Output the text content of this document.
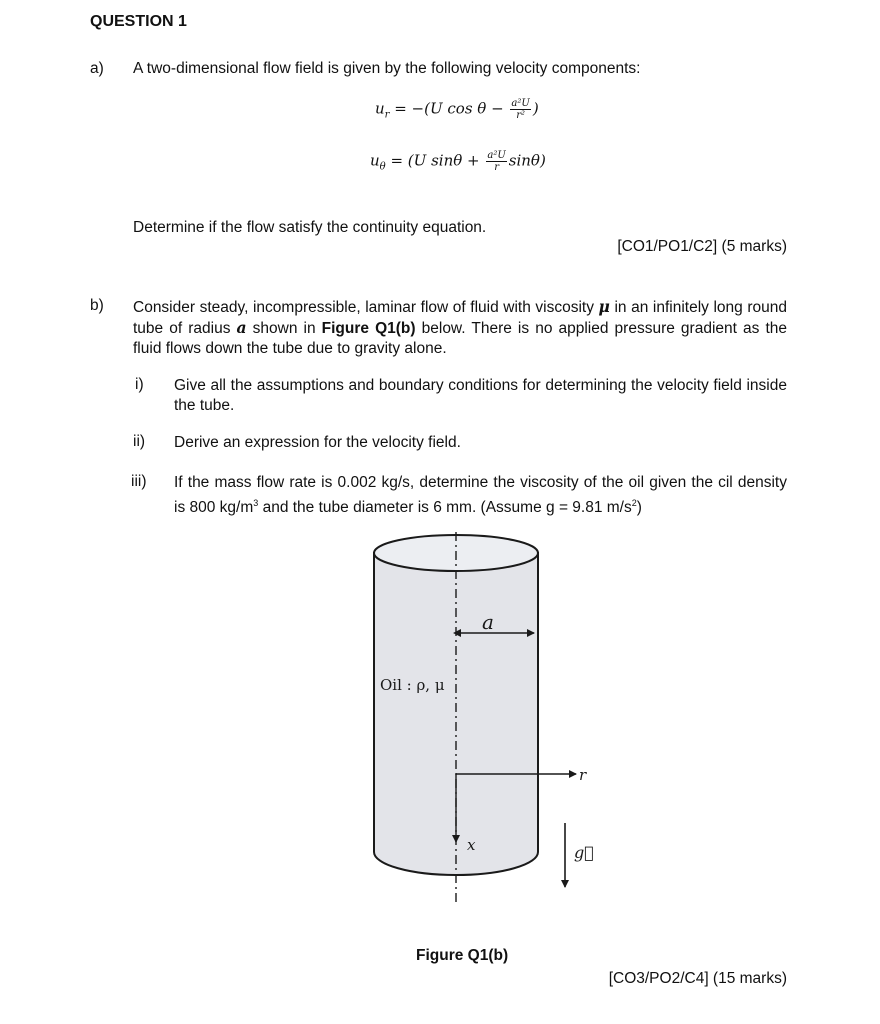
QUESTION 1
a) A two-dimensional flow field is given by the following velocity components:
$u_r = -(U$ $\cos \theta - \frac{\text{a²U}}{\text{r²}}$ )
$u_\theta = (U$ $\sin\theta + \frac{\text{a²U}}{r} \sin\theta$)
Determine if the flow satisfy the continuity equation.
[CO1/PO1/C2] (5 marks)
b) Consider steady, incompressible, laminar flow of fluid with viscosity μ in an infinitely long round tube of radius a shown in Figure Q1(b) below. There is no applied pressure gradient as the fluid flows down the tube due to gravity alone.
i) Give all the assumptions and boundary conditions for determining the velocity field inside the tube.
ii) Derive an expression for the velocity field.
iii) If the mass flow rate is 0.002 kg/s, determine the viscosity of the oil given the cil density is 800 $kg/m^3$ and the tube diameter is 6 mm. (Assume g = 9.81 $m/s^2$)
a
Oil : ρ, μ
r
x	g⃗
Figure Q1(b)
[CO3/PO2/C4] (15 marks)
